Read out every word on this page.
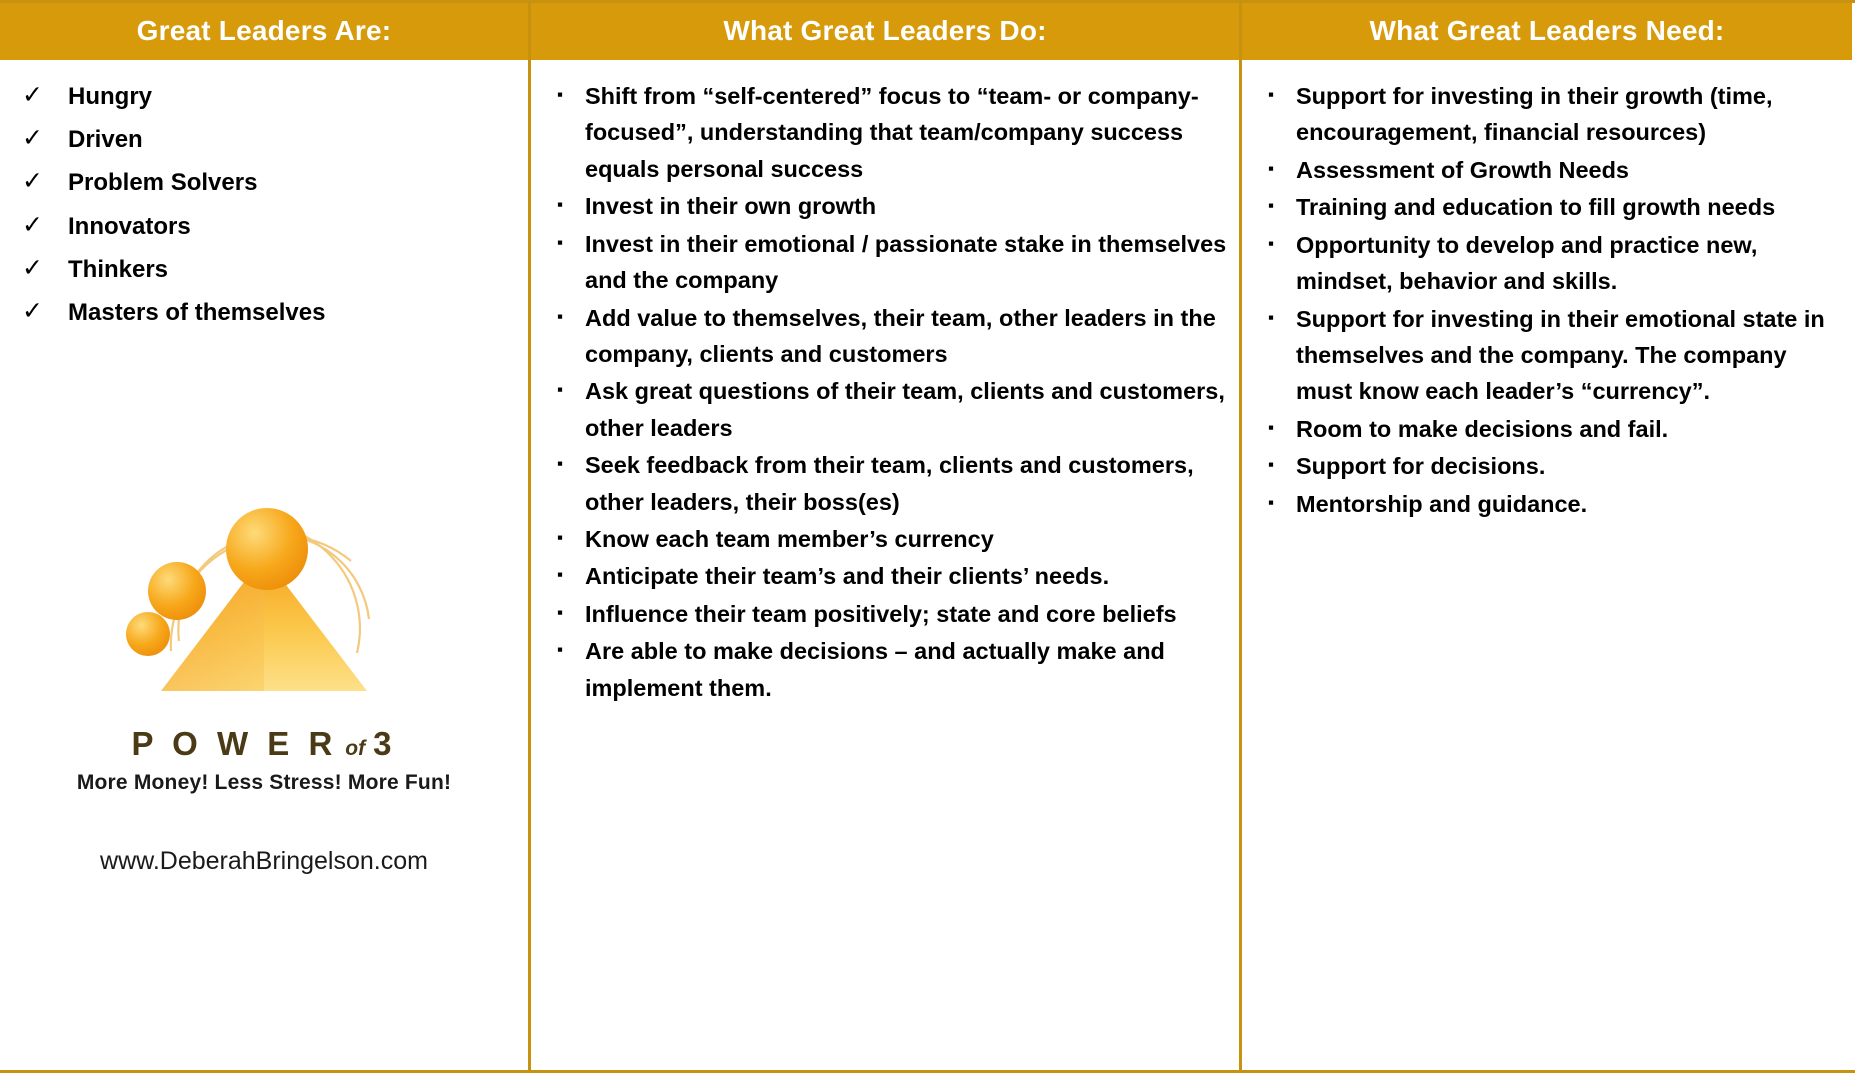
Great Leaders Are:
✓	Hungry
✓	Driven
✓	Problem Solvers
✓	Innovators
✓	Thinkers
✓	Masters of themselves
P O W E R of 3
More Money! Less Stress! More Fun!
www.DeberahBringelson.com
What Great Leaders Do:
▪ Shift from “self-centered” focus to “team- or company-focused”, understanding that team/company success equals personal success
▪ Invest in their own growth
▪ Invest in their emotional / passionate stake in themselves and the company
▪ Add value to themselves, their team, other leaders in the company, clients and customers
▪ Ask great questions of their team, clients and customers, other leaders
▪ Seek feedback from their team, clients and customers, other leaders, their boss(es)
▪ Know each team member’s currency
▪ Anticipate their team’s and their clients’ needs.
▪ Influence their team positively; state and core beliefs
▪ Are able to make decisions – and actually make and implement them.
What Great Leaders Need:
▪ Support for investing in their growth (time, encouragement, financial resources)
▪ Assessment of Growth Needs
▪ Training and education to fill growth needs
▪ Opportunity to develop and practice new, mindset, behavior and skills.
▪ Support for investing in their emotional state in themselves and the company. The company must know each leader’s “currency”.
▪ Room to make decisions and fail.
▪ Support for decisions.
▪ Mentorship and guidance.
